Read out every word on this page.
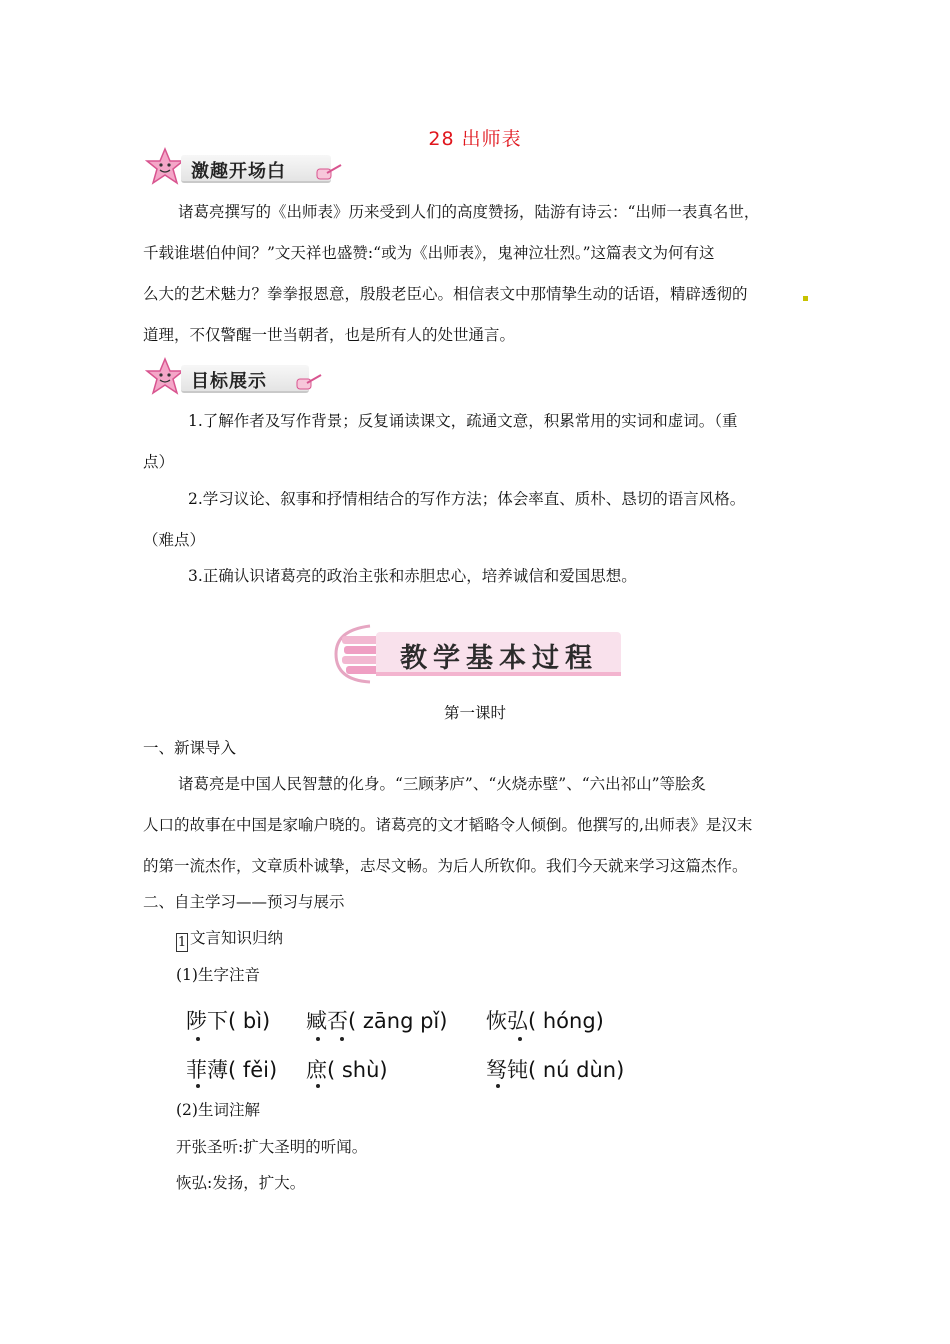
28 出师表
激趣开场白
诸葛亮撰写的《出师表》历来受到人们的高度赞扬，陆游有诗云：“出师一表真名世，
千载谁堪伯仲间？”文天祥也盛赞:“或为《出师表》，鬼神泣壮烈。”这篇表文为何有这
么大的艺术魅力？拳拳报恩意，殷殷老臣心。相信表文中那情挚生动的话语，精辟透彻的
道理，不仅警醒一世当朝者，也是所有人的处世通言。
目标展示
1.了解作者及写作背景；反复诵读课文，疏通文意，积累常用的实词和虚词。（重
点）
2.学习议论、叙事和抒情相结合的写作方法；体会率直、质朴、恳切的语言风格。
（难点）
3.正确认识诸葛亮的政治主张和赤胆忠心，培养诚信和爱国思想。
教学基本过程
第一课时
一、新课导入
诸葛亮是中国人民智慧的化身。“三顾茅庐”、“火烧赤壁”、“六出祁山”等脍炙
人口的故事在中国是家喻户晓的。诸葛亮的文才韬略令人倾倒。他撰写的,出师表》是汉末
的第一流杰作，文章质朴诚挚，志尽文畅。为后人所钦仰。我们今天就来学习这篇杰作。
二、自主学习——预习与展示
1 文言知识归纳
(1)生字注音
陟下( bì) 臧否( zāng pǐ) 恢弘( hóng)
菲薄( fěi) 庶( shù)	驽钝( nú dùn)
(2)生词注解
开张圣听:扩大圣明的听闻。
恢弘:发扬，扩大。
